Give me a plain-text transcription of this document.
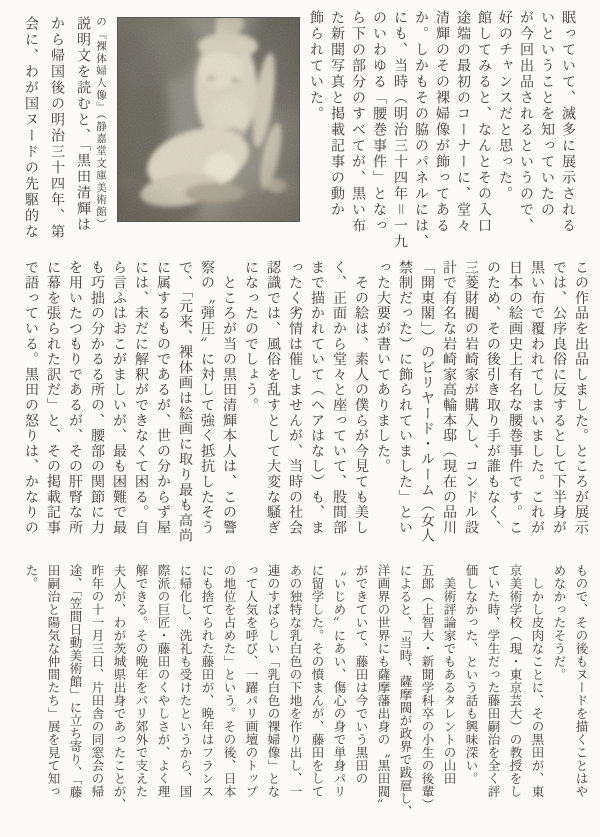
眠っていて、滅多に展示される
いということを知っていたの
が今回出品されるというので、
好のチャンスだと思った。
館してみると、なんとその入口
途端の最初のコーナーに、堂々
清輝のその裸婦像が飾ってある
か。しかもその脇のパネルには、
にも、当時（明治三十四年＝一九
のいわゆる「腰巻事件」となっ
ら下の部分のすべてが、黒い布
た新聞写真と掲載記事の動か
飾られていた。
の『裸体婦人像』（静嘉堂文庫美術館）
説明文を読むと、「黒田清輝は
から帰国後の明治三十四年、第
会に、わが国ヌードの先駆的な
この作品を出品しました。ところが展示
では、公序良俗に反するとして下半身が
黒い布で覆われてしまいました。これが
日本の絵画史上有名な腰巻事件です。こ
のため、その後引き取り手が誰もなく、
三菱財閥の岩崎家が購入し、コンドル設
計で有名な岩崎家高輪本邸（現在の品川
「開東閣」）のビリヤード・ルーム（女人
禁制だった）に飾られていました」とい
った大要が書いてありました。
　その絵は、素人の僕らが今見ても美し
く、正面から堂々と座っていて、股間部
まで描かれていて（ヘアはなし）も、ま
ったく劣情は催しませんが、当時の社会
認識では、風俗を乱すとして大変な騒ぎ
になったのでしょう。
　ところが当の黒田清輝本人は、この警
察の〝弾圧〟に対して強く抵抗したそう
で、「元来、裸体画は絵画に取り最も高尚
に属するものであるが、世の分からず屋
には、未だに解釈ができなくて困る。自
ら言ふはおこがましいが、最も困難で最
も巧拙の分かるる所の、腰部の関節に力
を用いたつもりであるが、その肝腎な所
に幕を張られた訳だ」と、その掲載記事
で語っている。黒田の怒りは、かなりの
もので、その後もヌードを描くことはや
めなかったそうだ。
　しかし皮肉なことに、その黒田が、東
京美術学校（現・東京芸大）の教授をし
ていた時、学生だった藤田嗣治を全く評
価しなかった、という話も興味深い。
　美術評論家でもあるタレントの山田
五郎（上智大・新聞学科卒の小生の後輩）
によると、「当時、薩摩閥が政界で跋扈し、
洋画界の世界にも薩摩藩出身の〝黒田閥〟
ができていて、藤田は今でいう黒田の
〝いじめ〟にあい、傷心の身で単身パリ
に留学した。その憤まんが、藤田をして
あの独特な乳白色の下地を作り出し、一
連のすばらしい「乳白色の裸婦像」とな
って人気を呼び、一躍パリ画壇のトップ
の地位を占めた」という。その後、日本
にも捨てられた藤田が、晩年はフランス
に帰化し、洗礼も受けたというから、国
際派の巨匠・藤田のくやしさが、よく理
解できる。その晩年をパリ郊外で支えた
夫人が、わが茨城県出身であったことが、
昨年の十一月三日、片田舎の同窓会の帰
途、「笠間日動美術館」に立ち寄り、「藤
田嗣治と陽気な仲間たち」展を見て知っ
た。
